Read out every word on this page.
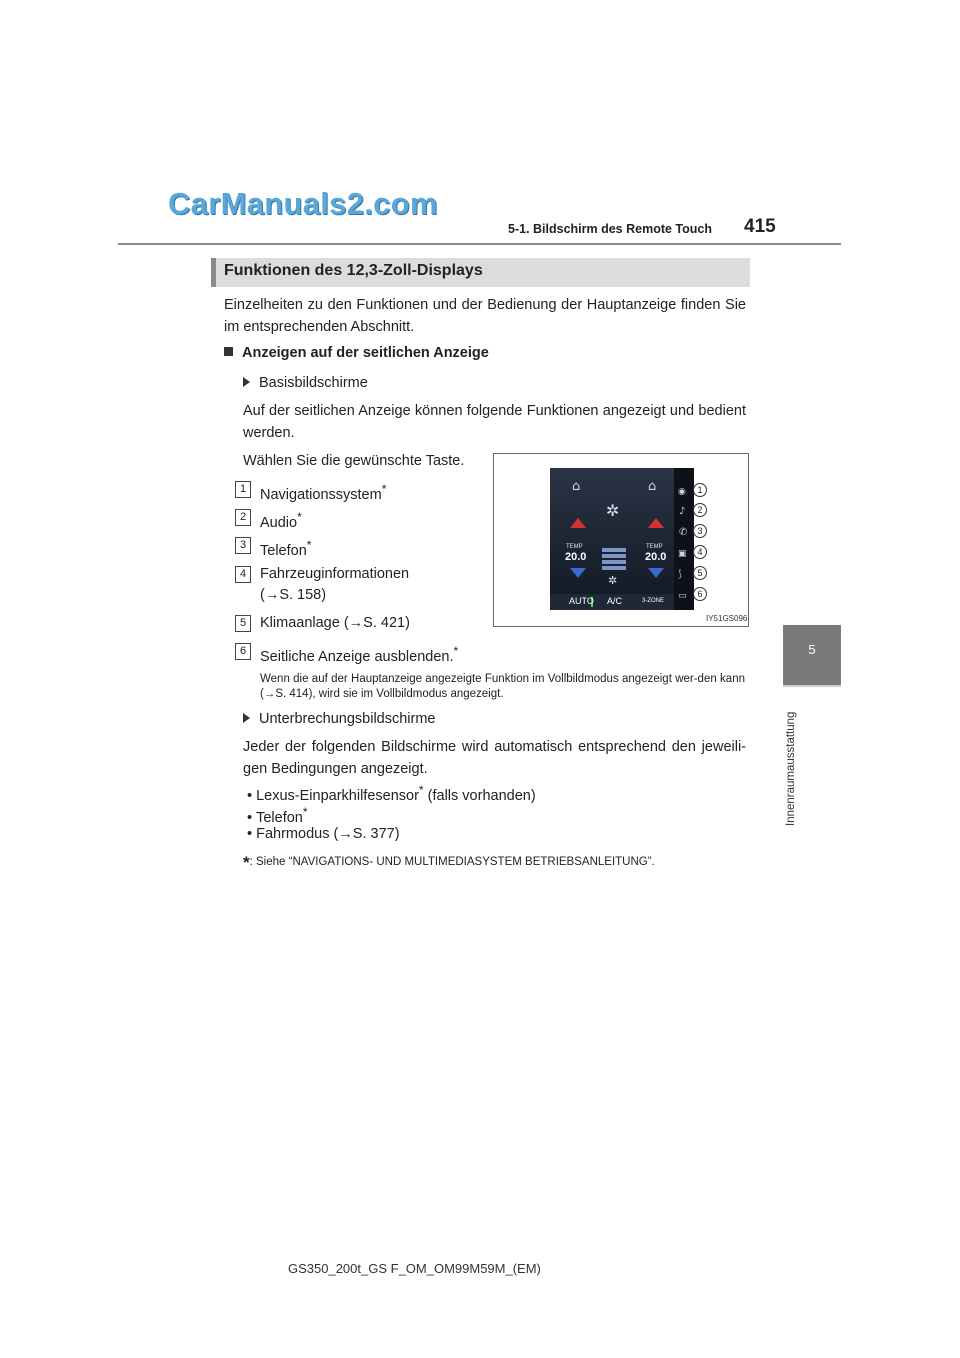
CarManuals2.com
5-1. Bildschirm des Remote Touch 415
5
Innenraumausstattung
Funktionen des 12,3-Zoll-Displays
Einzelheiten zu den Funktionen und der Bedienung der Hauptanzeige finden Sie im entsprechenden Abschnitt.
Anzeigen auf der seitlichen Anzeige
Basisbildschirme
Auf der seitlichen Anzeige können folgende Funktionen angezeigt und bedient werden.
Wählen Sie die gewünschte Taste.
1 Navigationssystem*
2 Audio*
3 Telefon*
4 Fahrzeuginformationen
(→S. 158)
5 Klimaanlage (→S. 421)
6 Seitliche Anzeige ausblenden.*
Wenn die auf der Hauptanzeige angezeigte Funktion im Vollbildmodus angezeigt wer-den kann (→S. 414), wird sie im Vollbildmodus angezeigt.
Unterbrechungsbildschirme
Jeder der folgenden Bildschirme wird automatisch entsprechend den jeweili-gen Bedingungen angezeigt.
• Lexus-Einparkhilfesensor* (falls vorhanden)
• Telefon*
• Fahrmodus (→S. 377)
*: Siehe “NAVIGATIONS- UND MULTIMEDIASYSTEM BETRIEBSANLEITUNG”.
⌂	⌂
✲
✲
◉
♪
✆
▣
⟆
▭
TEMP
20.0
TEMP
20.0
AUTO A/C	3-ZONE
1
2
3
4
5
6
IY51GS096
GS350_200t_GS F_OM_OM99M59M_(EM)
